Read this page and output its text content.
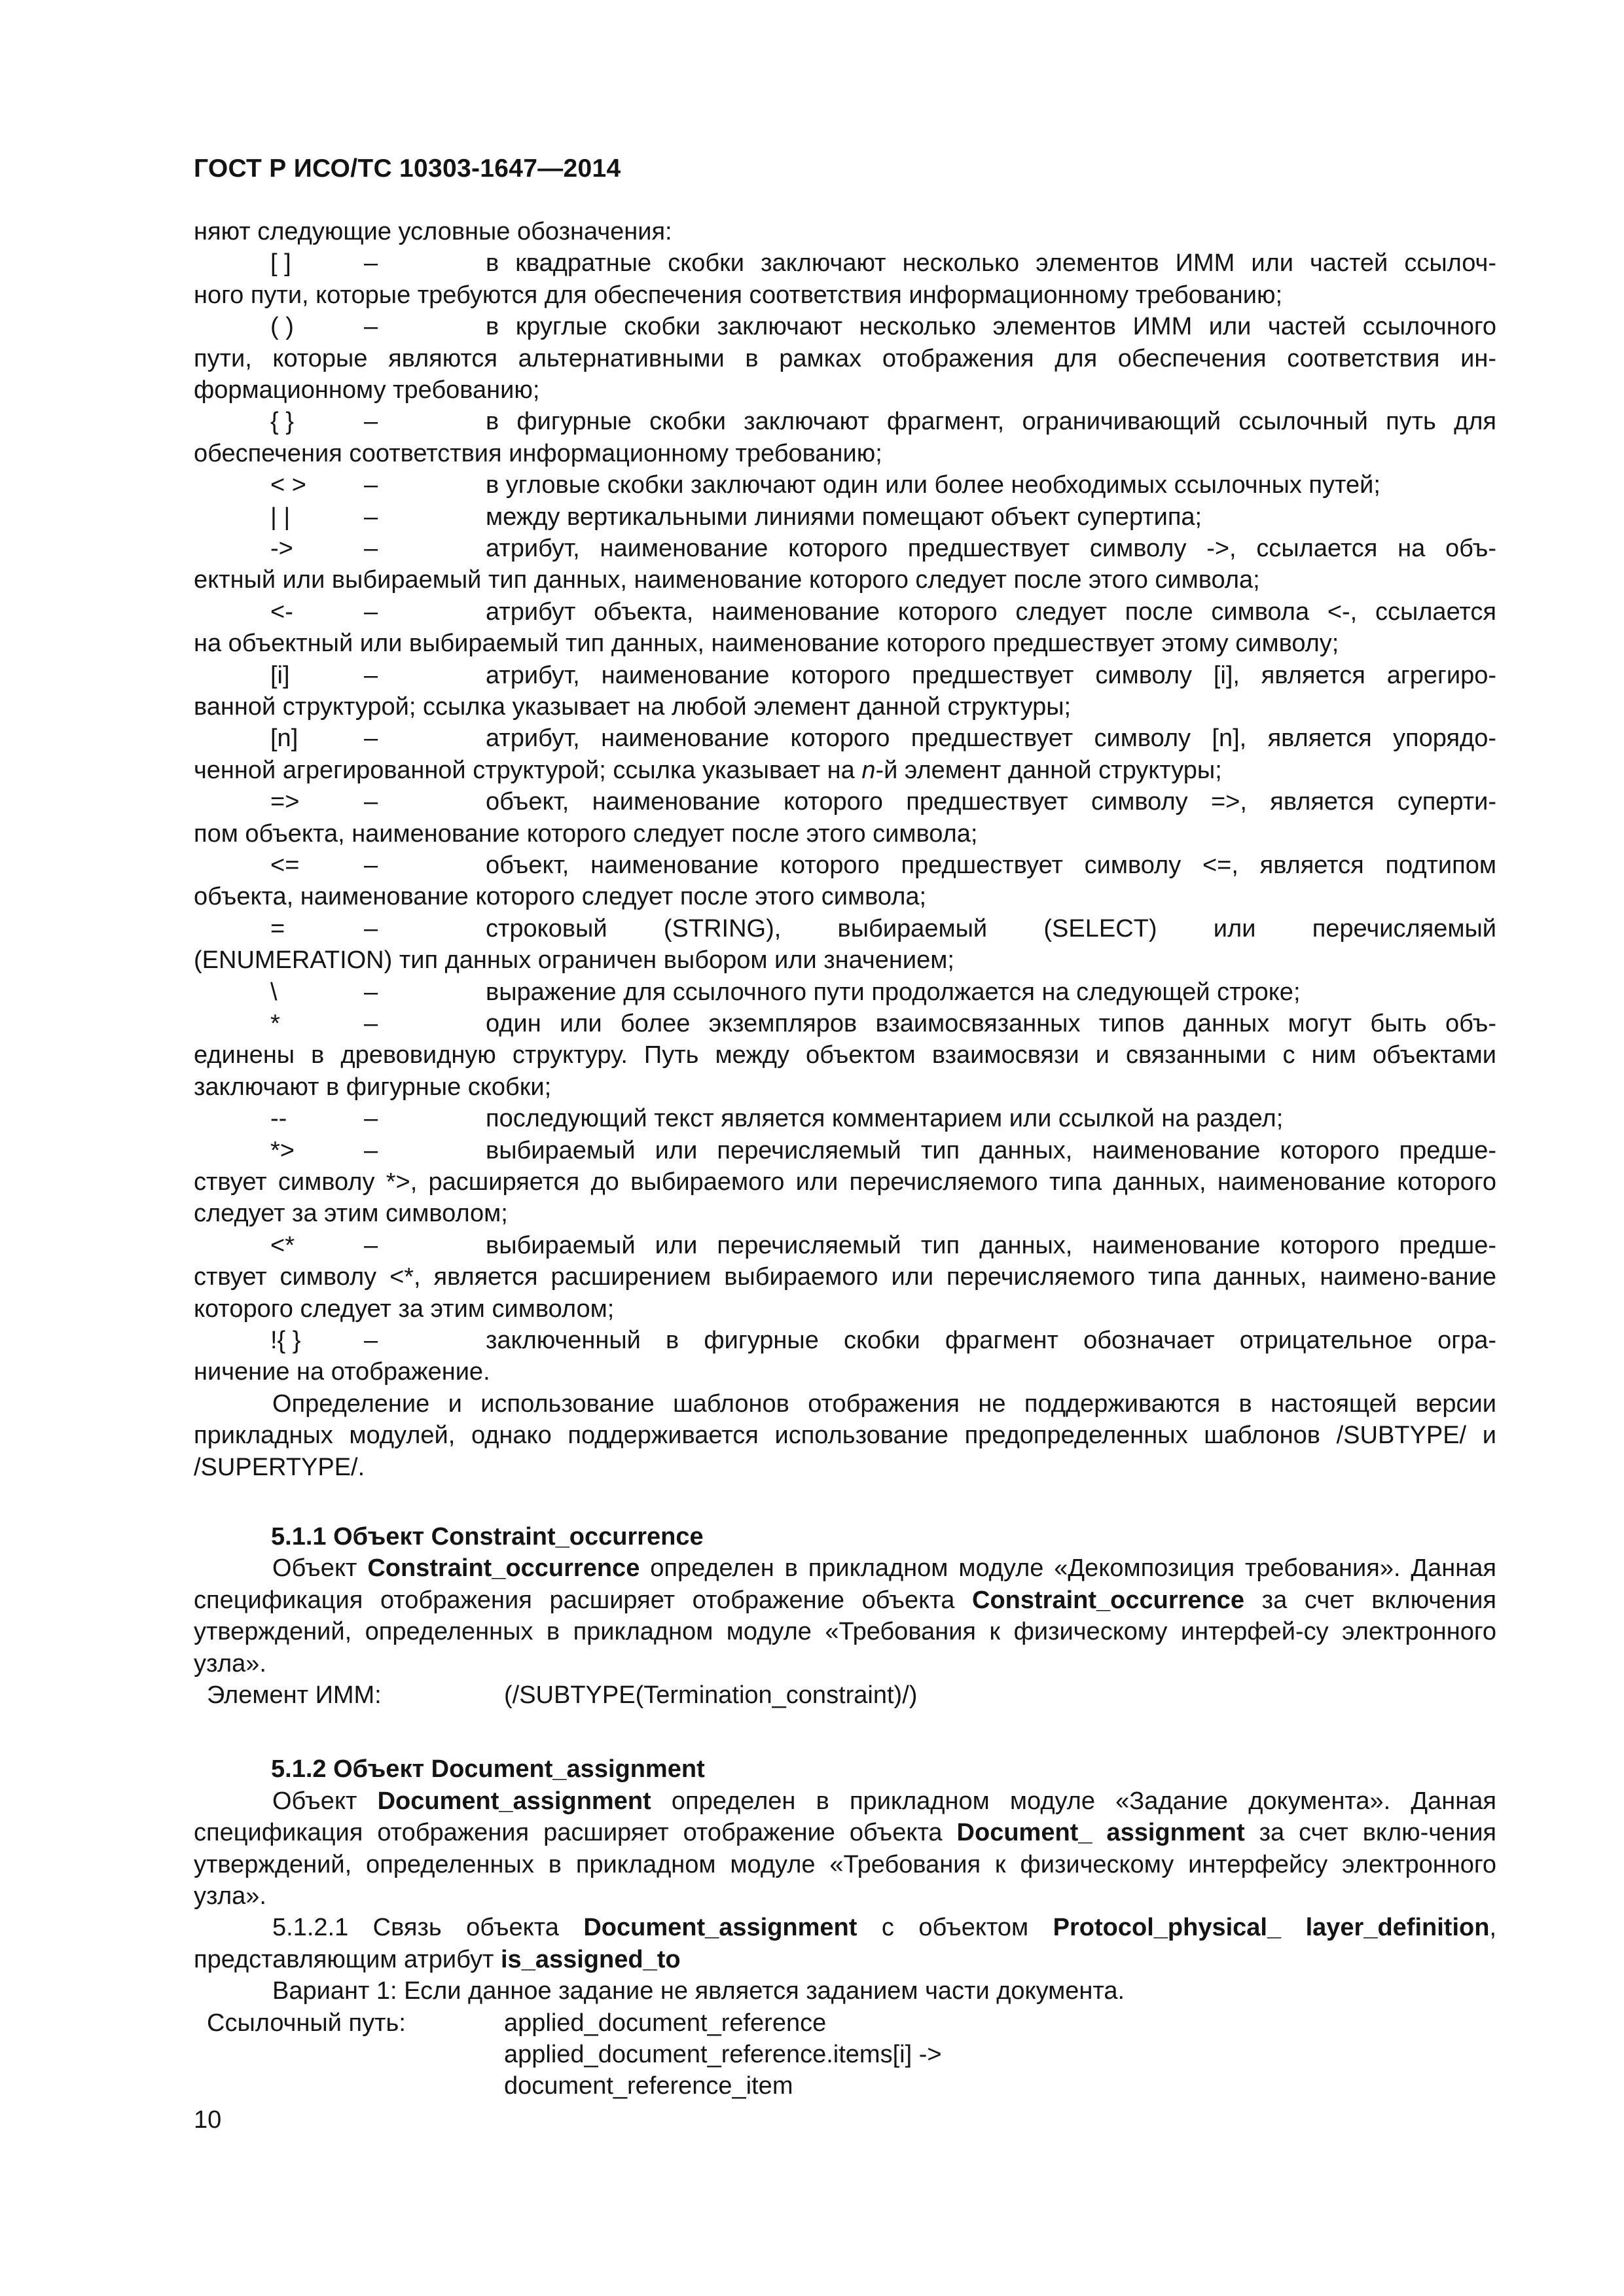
ГОСТ Р ИСО/ТС 10303-1647—2014

няют следующие условные обозначения:

[ ]	–	в квадратные скобки заключают несколько элементов ИММ или частей ссылоч-

ного пути, которые требуются для обеспечения соответствия информационному требованию;

( )	–	в круглые скобки заключают несколько элементов ИММ или частей ссылочного

пути, которые являются альтернативными в рамках отображения для обеспечения соответствия ин-формационному требованию;

{ }	–	в фигурные скобки заключают фрагмент, ограничивающий ссылочный путь для

обеспечения соответствия информационному требованию;

< > –	в угловые скобки заключают один или более необходимых ссылочных путей;
| |	–	между вертикальными линиями помещают объект супертипа;
->	–	атрибут, наименование которого предшествует символу ->, ссылается на объ-

ектный или выбираемый тип данных, наименование которого следует после этого символа;

<-	–	атрибут объекта, наименование которого следует после символа <-, ссылается

на объектный или выбираемый тип данных, наименование которого предшествует этому символу;

[i]	–	атрибут, наименование которого предшествует символу [i], является агрегиро-

ванной структурой; ссылка указывает на любой элемент данной структуры;

[n]	–	атрибут, наименование которого предшествует символу [n], является упорядо-

ченной агрегированной структурой; ссылка указывает на n-й элемент данной структуры;

=>	–	объект, наименование которого предшествует символу =>, является суперти-

пом объекта, наименование которого следует после этого символа;

<=	–	объект, наименование которого предшествует символу <=, является подтипом

объекта, наименование которого следует после этого символа;

=	–	строковый (STRING), выбираемый (SELECT) или перечисляемый

(ENUMERATION) тип данных ограничен выбором или значением;

\	–	выражение для ссылочного пути продолжается на следующей строке;
*	–	один или более экземпляров взаимосвязанных типов данных могут быть объ-

единены в древовидную структуру. Путь между объектом взаимосвязи и связанными с ним объектами заключают в фигурные скобки;

--	–	последующий текст является комментарием или ссылкой на раздел;
*>	–	выбираемый или перечисляемый тип данных, наименование которого предше-

ствует символу *>, расширяется до выбираемого или перечисляемого типа данных, наименование которого следует за этим символом;

<*	–	выбираемый или перечисляемый тип данных, наименование которого предше-

ствует символу <*, является расширением выбираемого или перечисляемого типа данных, наимено-вание которого следует за этим символом;

!{ }	–	заключенный в фигурные скобки фрагмент обозначает отрицательное огра-

ничение на отображение.

Определение и использование шаблонов отображения не поддерживаются в настоящей версии прикладных модулей, однако поддерживается использование предопределенных шаблонов /SUBTYPE/ и /SUPERTYPE/.

5.1.1 Объект Constraint_occurrence

Объект Constraint_occurrence определен в прикладном модуле «Декомпозиция требования». Данная спецификация отображения расширяет отображение объекта Constraint_occurrence за счет включения утверждений, определенных в прикладном модуле «Требования к физическому интерфей-су электронного узла».

Элемент ИММ:	(/SUBTYPE(Termination_constraint)/)

5.1.2 Объект Document_assignment

Объект Document_assignment определен в прикладном модуле «Задание документа». Данная спецификация отображения расширяет отображение объекта Document_ assignment за счет вклю-чения утверждений, определенных в прикладном модуле «Требования к физическому интерфейсу электронного узла».

5.1.2.1 Связь объекта Document_assignment с объектом Protocol_physical_ layer_definition, представляющим атрибут is_assigned_to

Вариант 1: Если данное задание не является заданием части документа.

Ссылочный путь:	applied_document_reference
applied_document_reference.items[i] ->
document_reference_item
10
